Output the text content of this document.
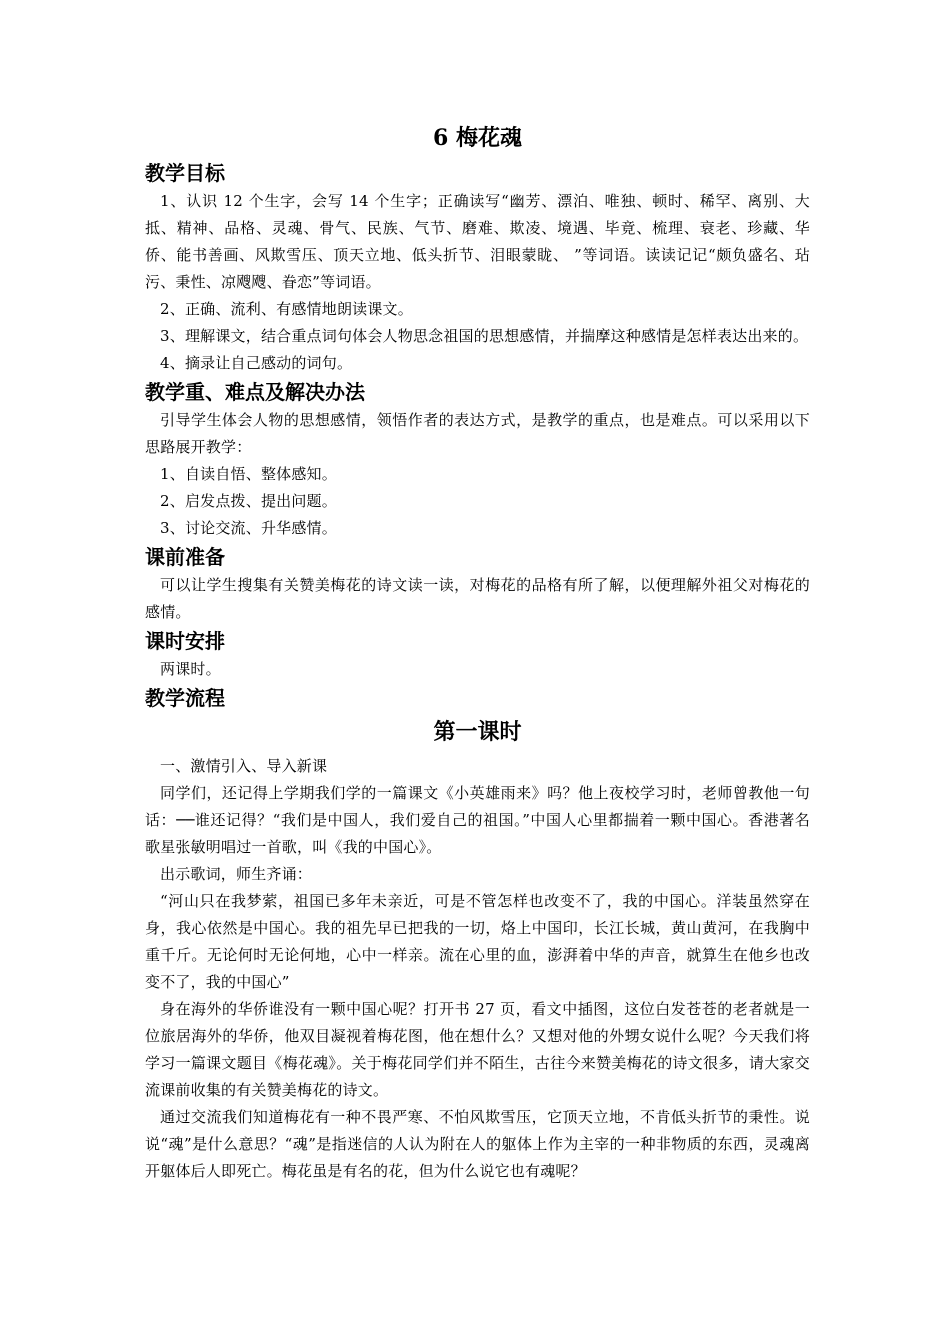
6 梅花魂
教学目标

1、认识 12 个生字，会写 14 个生字；正确读写“幽芳、漂泊、唯独、顿时、稀罕、离别、大抵、精神、品格、灵魂、骨气、民族、气节、磨难、欺凌、境遇、毕竟、梳理、衰老、珍藏、华侨、能书善画、风欺雪压、顶天立地、低头折节、泪眼蒙眬、 ”等词语。读读记记“颇负盛名、玷污、秉性、凉飕飕、眷恋”等词语。

2、正确、流利、有感情地朗读课文。

3、理解课文，结合重点词句体会人物思念祖国的思想感情，并揣摩这种感情是怎样表达出来的。

4、摘录让自己感动的词句。

教学重、难点及解决办法

引导学生体会人物的思想感情，领悟作者的表达方式，是教学的重点，也是难点。可以采用以下思路展开教学：

1、自读自悟、整体感知。

2、启发点拨、提出问题。

3、讨论交流、升华感情。

课前准备

可以让学生搜集有关赞美梅花的诗文读一读，对梅花的品格有所了解，以便理解外祖父对梅花的感情。

课时安排

两课时。

教学流程
第一课时

一、激情引入、导入新课

同学们，还记得上学期我们学的一篇课文《小英雄雨来》吗？他上夜校学习时，老师曾教他一句话：──谁还记得？“我们是中国人，我们爱自己的祖国。”中国人心里都揣着一颗中国心。香港著名歌星张敏明唱过一首歌，叫《我的中国心》。

出示歌词，师生齐诵：

“河山只在我梦萦，祖国已多年未亲近，可是不管怎样也改变不了，我的中国心。洋装虽然穿在身，我心依然是中国心。我的祖先早已把我的一切，烙上中国印，长江长城，黄山黄河，在我胸中重千斤。无论何时无论何地，心中一样亲。流在心里的血，澎湃着中华的声音，就算生在他乡也改变不了，我的中国心”

身在海外的华侨谁没有一颗中国心呢？打开书 27 页，看文中插图，这位白发苍苍的老者就是一位旅居海外的华侨，他双目凝视着梅花图，他在想什么？又想对他的外甥女说什么呢？今天我们将学习一篇课文题目《梅花魂》。关于梅花同学们并不陌生，古往今来赞美梅花的诗文很多，请大家交流课前收集的有关赞美梅花的诗文。

通过交流我们知道梅花有一种不畏严寒、不怕风欺雪压，它顶天立地，不肯低头折节的秉性。说说“魂”是什么意思？“魂”是指迷信的人认为附在人的躯体上作为主宰的一种非物质的东西，灵魂离开躯体后人即死亡。梅花虽是有名的花，但为什么说它也有魂呢？
